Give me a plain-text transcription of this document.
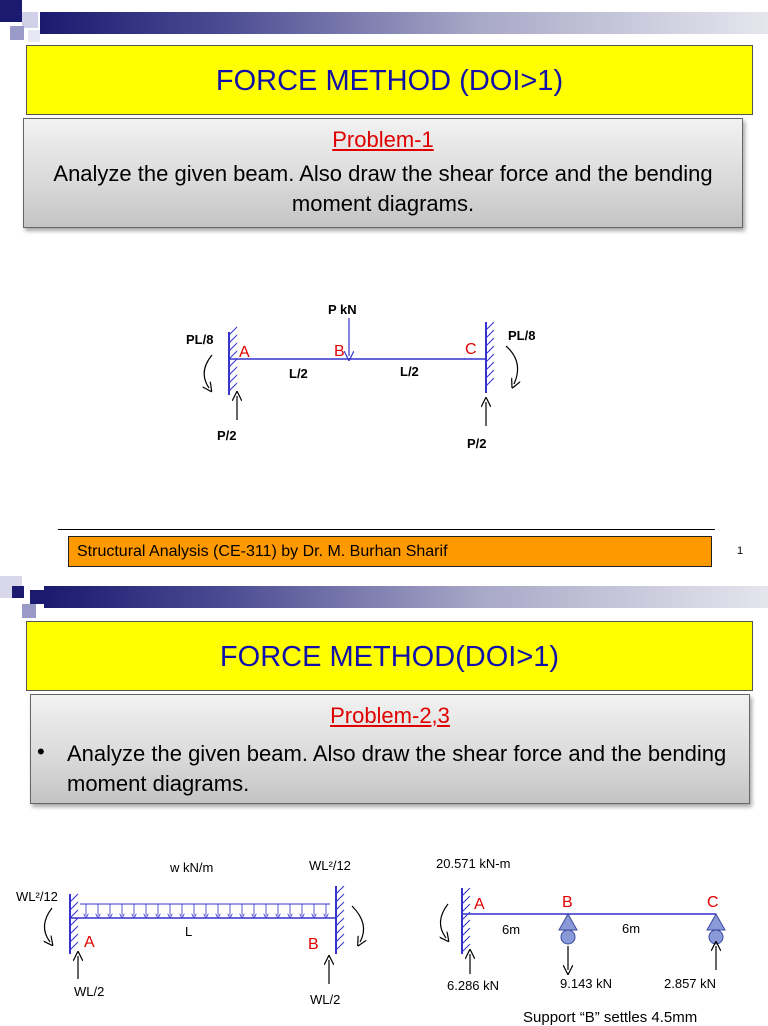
FORCE METHOD (DOI>1)
Problem-1
Analyze the given beam. Also draw the shear force and the bending moment diagrams.
P kN
PL/8	PL/8
A	B	C
L/2	L/2
P/2
P/2
Structural Analysis (CE-311) by Dr. M. Burhan Sharif	1
FORCE METHOD(DOI>1)
Problem-2,3
• Analyze the given beam. Also draw the shear force and the bending moment diagrams.
w kN/m
WL²/12
WL²/12
A	B
L
WL/2
WL/2
20.571 kN-m
A	B	C
6m	6m
6.286 kN	9.143 kN	2.857 kN
Support “B” settles 4.5mm
